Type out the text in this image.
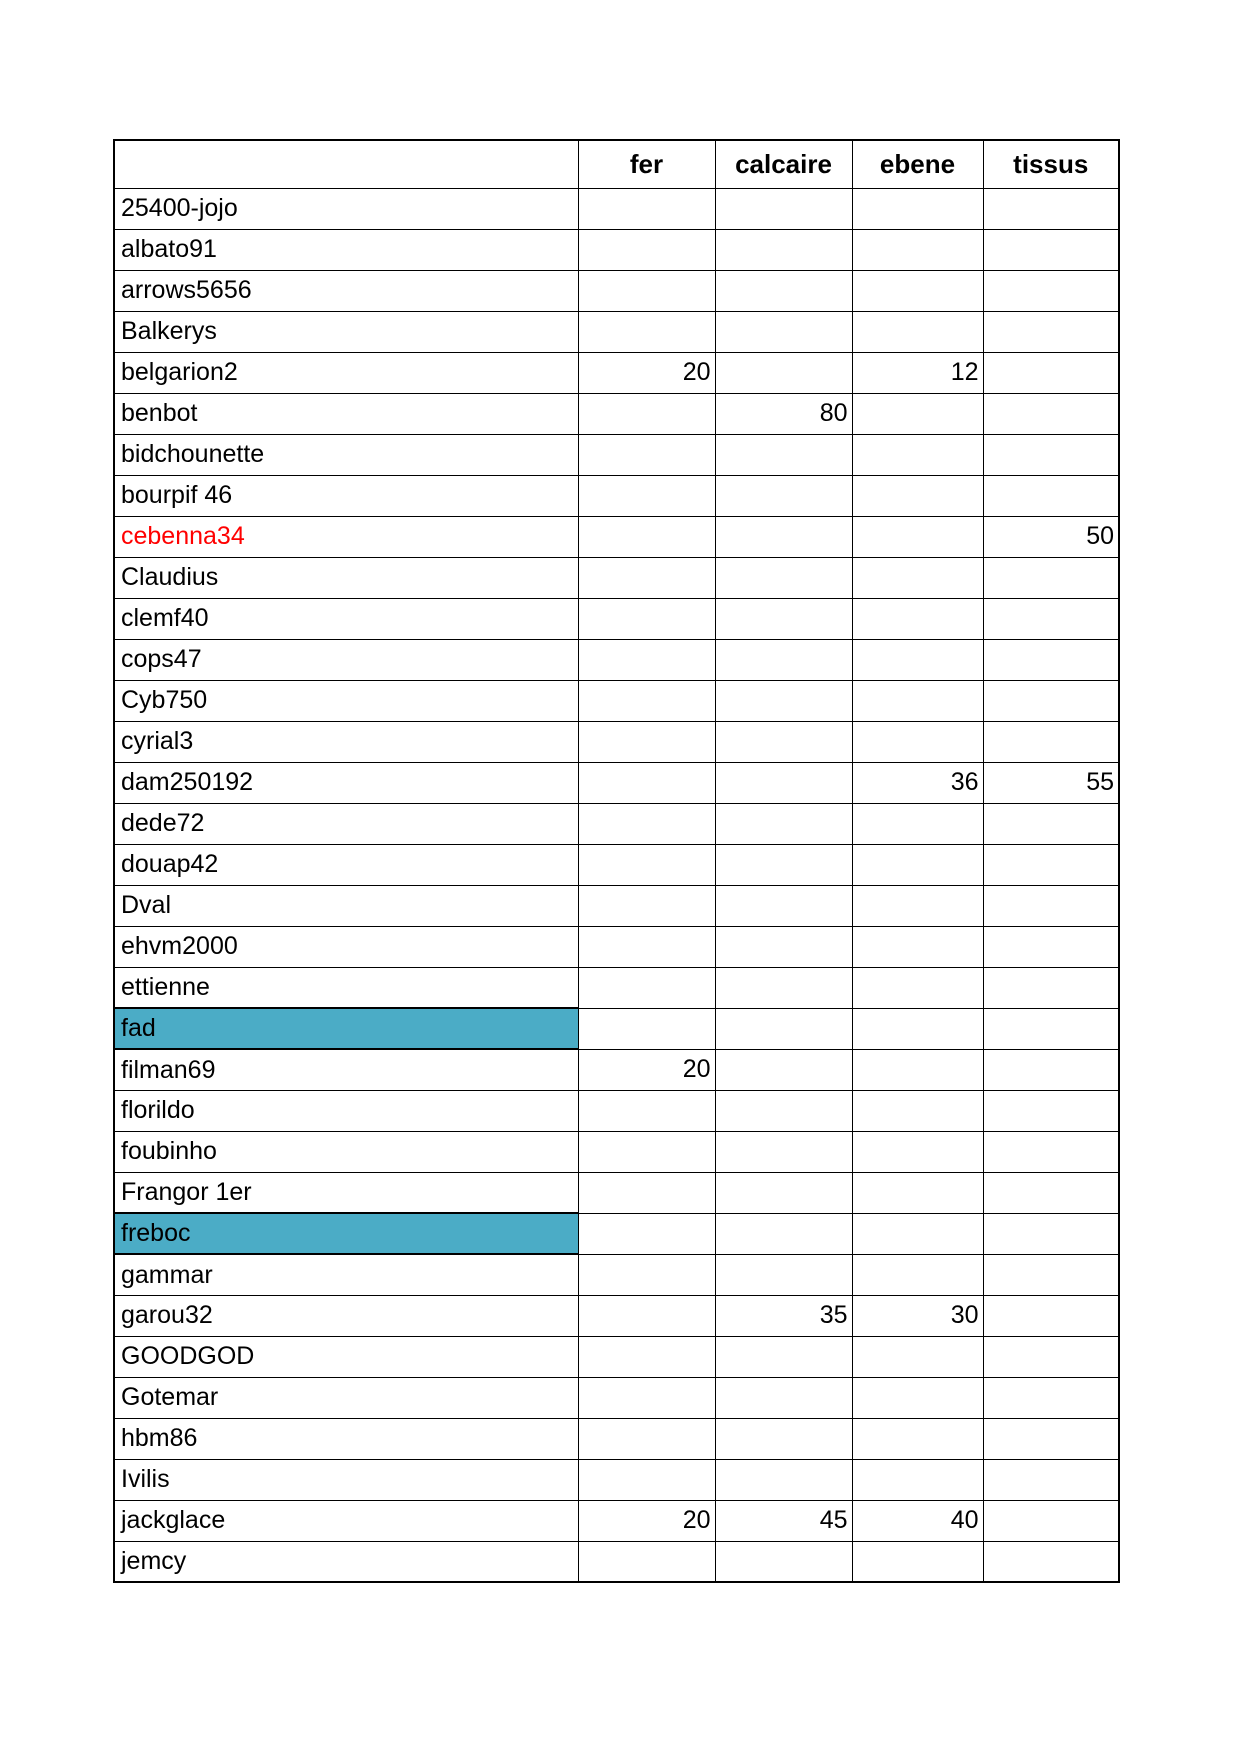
	fer	calcaire	ebene	tissus
25400-jojo				
albato91				
arrows5656				
Balkerys				
belgarion2	20		12	
benbot		80		
bidchounette				
bourpif 46				
cebenna34				50
Claudius				
clemf40				
cops47				
Cyb750				
cyrial3				
dam250192			36	55
dede72				
douap42				
Dval				
ehvm2000				
ettienne				
fad				
filman69	20			
florildo				
foubinho				
Frangor 1er				
freboc				
gammar				
garou32		35	30	
GOODGOD				
Gotemar				
hbm86				
Ivilis				
jackglace	20	45	40	
jemcy				
